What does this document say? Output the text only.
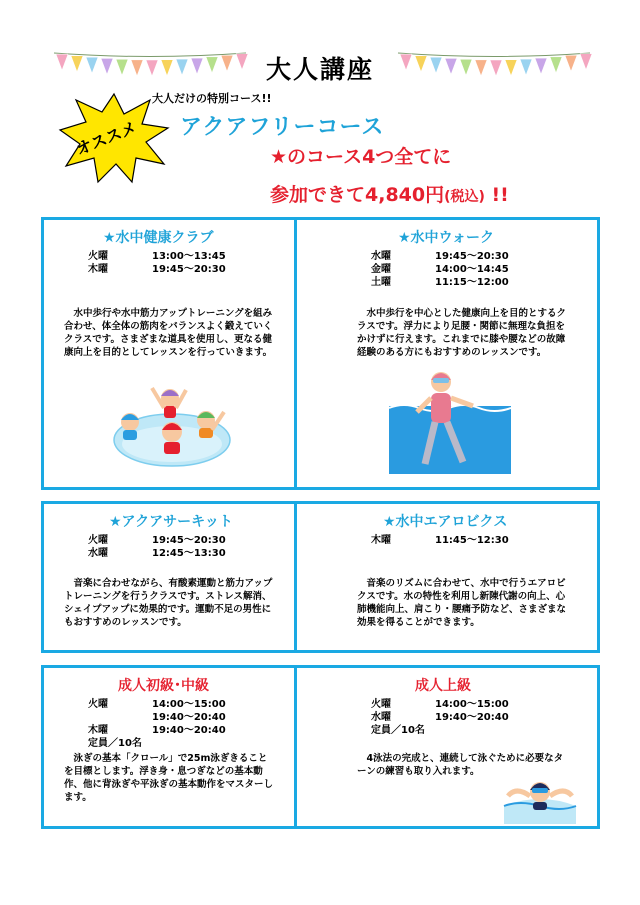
大人講座
大人だけの特別コース!!
オススメ アクアフリーコース
★のコース4つ全てに
参加できて4,840円(税込) !!
★水中健康クラブ
火曜	13:00～13:45
木曜	19:45～20:30
　水中歩行や水中筋力アップトレーニングを組み合わせ、体全体の筋肉をバランスよく鍛えていくクラスです。さまざまな道具を使用し、更なる健康向上を目的としてレッスンを行っていきます。
★水中ウォーク
水曜	19:45～20:30
金曜	14:00～14:45
土曜	11:15～12:00
　水中歩行を中心とした健康向上を目的とするクラスです。浮力により足腰・関節に無理な負担をかけずに行えます。これまでに膝や腰などの故障経験のある方にもおすすめのレッスンです。
★アクアサーキット
火曜	19:45～20:30
水曜	12:45～13:30
　音楽に合わせながら、有酸素運動と筋力アップトレーニングを行うクラスです。ストレス解消、シェイプアップに効果的です。運動不足の男性にもおすすめのレッスンです。
★水中エアロビクス
木曜	11:45～12:30
　音楽のリズムに合わせて、水中で行うエアロビクスです。水の特性を利用し新陳代謝の向上、心肺機能向上、肩こり・腰痛予防など、さまざまな効果を得ることができます。
成人初級･中級
火曜	14:00～15:00
19:40～20:40
木曜	19:40～20:40
定員／10名
　泳ぎの基本「クロール」で25m泳ぎきることを目標とします。浮き身・息つぎなどの基本動作、他に背泳ぎや平泳ぎの基本動作をマスターします。
成人上級
火曜	14:00～15:00
水曜	19:40～20:40
定員／10名
　4泳法の完成と、連続して泳ぐために必要なターンの練習も取り入れます。
